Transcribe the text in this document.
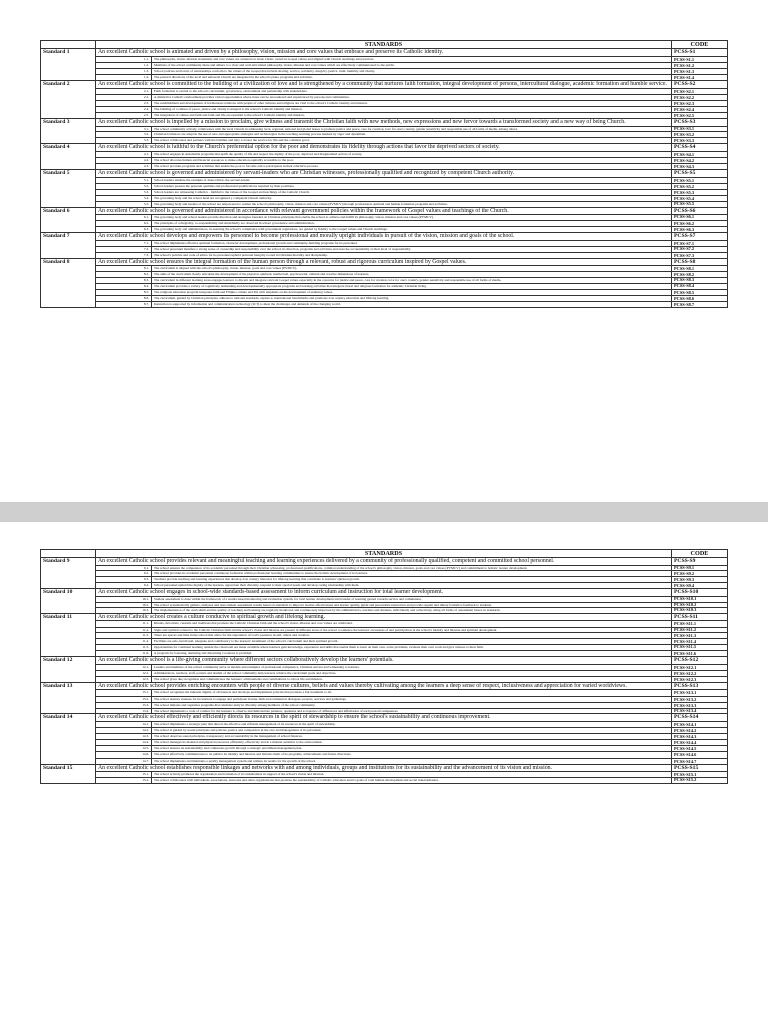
	STANDARDS		CODE
Standard 1	An excellent Catholic school is animated and driven by a philosophy, vision, mission and core values that embrace and preserve its Catholic identity.		PCSS-S1
	1.1.	The philosophy, vision, mission statements and core values are centered on Jesus Christ, rooted in Gospel values and aligned with Church teachings and practices.	PCSS-S1.1
	1.2.	Members of the school community share and adhere to a clear and well-articulated philosophy, vision, mission and core values which are effectively communicated to the public.	PCSS-S1.2
	1.3.	School policies and levels of relationships conform to the values of the Gospel that include sharing, service, solidarity, integrity, justice, truth, humility and charity.	PCSS-S1.3
	1.4.	The pastoral directions of the local and universal Church are integrated in the school's plans, programs and activities.	PCSS-S1.4
Standard 2	An excellent Catholic school is committed to the building of a civilization of love and is strengthened by a community that nurtures faith formation, integral development of persons, intercultural dialogue, academic formation and humble service.		PCSS-S2
	2.1.	Faith formation is central to the school's curriculum, governance, environment and partnership with stakeholders.	PCSS-S2.1
	2.2.	A distinctive Catholic environment provides varied opportunities where Jesus can be encountered and experienced by persons and communities.	PCSS-S2.2
	2.3.	The establishment and development of harmonious relations with people of other cultures and religions are vital to the school's Catholic identity and mission.	PCSS-S2.3
	2.4.	The building of a culture of peace, justice and charity is integral to the school's Catholic identity and mission.	PCSS-S2.4
	2.5.	The integration of culture and faith and faith and life are essential to the school's Catholic identity and mission.	PCSS-S2.5
Standard 3	An excellent Catholic school is impelled by a mission to proclaim, give witness and transmit the Christian faith with new methods, new expressions and new fervor towards a transformed society and a new way of being Church.		PCSS-S3
	3.1.	The school community actively collaborates with the local Church in addressing local, regional, national and global issues to promote justice and peace, care for creation, love for one's country, gender sensitivity and responsible use of all forms of media, among others.	PCSS-S3.1
	3.2.	Christian formators are adept in the use of new and appropriate strategies and technologies in the teaching-learning process marked by vigor and dynamism.	PCSS-S3.2
	3.3.	The school collaborates and partners with the families and laity to foster the service for life and the common good.	PCSS-S3.3
Standard 4	An excellent Catholic school is faithful to the Church's preferential option for the poor and demonstrates its fidelity through actions that favor the deprived sectors of society.		PCSS-S4
	4.1.	The school engages in sustainable programs that uplift the quality of life and respect the dignity of the poor, deprived and marginalized sectors of society.	PCSS-S4.1
	4.2.	The school allocates human and financial resources to make education equitably accessible to the poor.	PCSS-S4.2
	4.3.	The school provides programs and activities that enable the poor to become active participants in their educative process.	PCSS-S4.3
Standard 5	An excellent Catholic school is governed and administered by servant-leaders who are Christian witnesses, professionally qualified and recognized by competent Church authority.		PCSS-S5
	5.1.	School leaders emulate the example of Jesus Christ, the servant-leader.	PCSS-S5.1
	5.2.	School leaders possess the personal qualities and professional qualifications required by their positions.	PCSS-S5.2
	5.3.	School leaders are witnessing Catholics - faithful to the values of the Gospel and teachings of the Catholic Church.	PCSS-S5.3
	5.4.	The governing body and the school head are recognized y competent Church authority.	PCSS-S5.4
	5.5.	The governing body and leaders of the school are empowered to realize the school's philosophy, vision, mission and core values (PVMCV) through professional, spiritual and human formation programs and activities.	PCSS-S5.5
Standard 6	An excellent Catholic school is governed and administered in accordance with relevant government policies within the framework of Gospel values and teachings of the Church.		PCSS-S6
	6.1.	The governing body and school leaders provide direction and strategies founded on Christian principles that enable the school to achieve and fulfill its philosophy, vision, mission and core values (PVMCV).	PCSS-S6.1
	6.2.	The principles of collegiality, co-responsibility and subsidiarity are observed in school governance and administration.	PCSS-S6.2
	6.3.	The governing body and administrators, in ensuring the school's compliance with government regulations, are guided by fidelity to the Gospel values and Church teachings.	PCSS-S6.3
Standard 7	An excellent Catholic school develops and empowers its personnel to become professional and morally upright individuals in pursuit of the vision, mission and goals of the school.		PCSS-S7
	7.1.	The school implements effective spiritual formation, character development, professional growth and community-building programs for its personnel.	PCSS-S7.1
	7.2.	The school personnel manifest a strong sense of ownership and responsibility over the school, its direction, programs and activities and exercise accountability at their level of responsibility.	PCSS-S7.2
	7.3.	The school's policies and code of ethics for its personnel uphold personal integrity rooted in Christian morality and discipleship.	PCSS-S7.3
Standard 8	An excellent Catholic school ensures the integral formation of the human person through a relevant, robust and rigorous curriculum inspired by Gospel values.		PCSS-S8
	8.1.	The curriculum is aligned with the school's philosophy, vision, mission, goals and core values (PVMCV).	PCSS-S8.1
	8.2.	The aims of the curriculum clearly articulate the development of the physical, spiritual, intellectual, psychosocial, cultural and creative dimensions of learners.	PCSS-S8.2
	8.3.	The curriculum in different learning areas engages learners to discern and integrate relevant Gospel values especially in the concerns for justice and peace, care for creation, love for one's country, gender sensitivity and responsible use of all forms of media.	PCSS-S8.3
	8.4.	The curriculum provides a variety of cognitively demanding and developmentally appropriate programs and learning activities that integrate moral and religious formation for authentic Christian living.	PCSS-S8.4
	8.5.	The religious education program integrates faith and Filipino culture and life with emphasis on the development of enduring values.	PCSS-S8.5
	8.6.	The curriculum, guided by Christian principles, adheres to national standards, aspires to international benchmarks and promotes 21st century education and lifelong learning.	PCSS-S8.6
	8.7.	Instruction is supported by information and communication technology (ICT) to meet the challenges and demands of the changing world.	PCSS-S8.7
	STANDARDS		CODE
Standard 9	An excellent Catholic school provides relevant and meaningful teaching and learning experiences delivered by a community of professionally qualified, competent and committed school personnel.		PCSS-S9
	9.1.	The school ensures the competence of its academic personnel through their Christian witnessing, professional qualifications, common understanding of the school's philosophy, vision, mission, goals and core values (PVMCV) and commitment to holistic learner development.	PCSS-S9.1
	9.2.	The school provides its academic personnel continuous formation within professional learning communities to ensure the holistic development of its learners.	PCSS-S9.2
	9.3.	Teachers provide teaching and learning experiences that develop 21st century literacies for lifelong learning that contribute to learners' spiritual growth.	PCSS-S9.3
	9.4.	School personnel uphold the dignity of the learners, appreciate their diversity, respond to their special needs and develop caring relationship with them.	PCSS-S9.4
Standard 10	An excellent Catholic school engages in school-wide standards-based assessment to inform curriculum and instruction for total learner development.		PCSS-S10
	10.1.	Student assessment is done within the framework of a results-based monitoring and evaluation system, for total learner development and transfer of learning geared towards service and communion.	PCSS-S10.1
	10.2.	The school systematically gathers, analyzes and uses student assessment results based on standards to improve teacher effectiveness and learner quality, guide and personalize instruction and provide regular and timely formative feedback to students.	PCSS-S10.2
	10.3.	The implementation of the curriculum and the quality of teaching and learning are regularly monitored and continuously improved by the administrators, teachers and students, individually and collectively, using all forms of assessment based on standards.	PCSS-S10.3
Standard 11	An excellent Catholic school creates a culture conducive to spiritual growth and lifelong learning.		PCSS-S11
	11.1.	Rituals, devotions, customs and traditions that promote the Catholic Christian faith and the school's vision, mission and core values are celebrated.	PCSS-S11.1
	11.2.	Signs and symbols related to the Catholic Christian faith and the school's vision and mission are present in different areas of the school to enhance the learners' awareness of and participation in the school's identity and mission and spiritual development.	PCSS-S11.2
	11.3.	There are spaces and time in the school that allow for the experience of God's presence in self, others and creation.	PCSS-S11.3
	11.4.	Facilities are safe, functional, adequate and contributory to the learners' attainment of the school's curriculum and their spiritual growth.	PCSS-S11.4
	11.5.	Opportunities for continual learning outside the classroom are made available where learners gain knowledge, experience and skills that enable them to learn on their own, solve problems, evaluate their own work and give witness to their faith.	PCSS-S11.5
	11.6.	A program for fostering, nurturing and discerning vocations is provided.	PCSS-S11.6
Standard 12	An excellent Catholic school is a life-giving community where different sectors collaboratively develop the learners' potentials.		PCSS-S12
	12.1.	Leaders and members of the school community serve as models and examples of professional competence, Christian service and witnessing to learners.	PCSS-S12.1
	12.2.	Administrators, teachers, staff, parents and alumni of the school community help learners achieve the curriculum goals and objectives.	PCSS-S12.2
	12.3.	The school gives due recognition and communicates the learners' achievements and contributions to school life and mission.	PCSS-S12.3
Standard 13	An excellent Catholic school provides enriching encounters with people of diverse cultures, beliefs and values thereby cultivating among the learners a deep sense of respect, inclusiveness and appreciation for varied worldviews.		PCSS-S13
	13.1.	The school recognizes the inherent dignity of all learners and develops and implements policies that promote a fair treatment to all.	PCSS-S13.1
	13.2.	The school ensures avenues for its learners to engage and participate in inter-faith and ecumenical dialogues, prayers, services and gatherings.	PCSS-S13.2
	13.3.	The school initiates and organizes programs that celebrate unity in diversity among members of the school community.	PCSS-S13.3
	13.4.	The school implements a code of conduct for the learners to observe and demonstrate patience, openness and acceptance of differences and affirmation of each person's uniqueness.	PCSS-S13.4
Standard 14	An excellent Catholic school effectively and efficiently directs its resources in the spirit of stewardship to ensure the school's sustainability and continuous improvement.		PCSS-S14
	14.1.	The school implements a strategic plan that directs the effective and efficient management of its resources in the spirit of stewardship.	PCSS-S14.1
	14.2.	The school is guided by sound principles and policies, justice and compassion in the care and management of its personnel.	PCSS-S14.2
	14.3.	The school observes sound principles, transparency and accountability in the management of school finances.	PCSS-S14.3
	14.4.	The school manages its material and physical resources efficiently, effectively and in a manner sensitive to the environment.	PCSS-S14.4
	14.5.	The school ensures its sustainability and continuous growth through a strategic enrollment management plan.	PCSS-S14.5
	14.6.	The school effectively communicates to its publics its identity and mission and informs them of its programs, achievements and future directions.	PCSS-S14.6
	14.7.	The school implements and maintains a quality management system and utilizes its results for the growth of the school.	PCSS-S14.7
Standard 15	An excellent Catholic school establishes responsible linkages and networks with and among individuals, groups and institutions for its sustainability and the advancement of its vision and mission.		PCSS-S15
	15.1.	The school actively promotes the organization and formation of its stakeholders in support of the school's vision and mission.	PCSS-S15.1
	15.2.	The school collaborates with individuals, associations, networks and other organizations that promote the sustainability of Catholic education and its goals of total human development and social transformation.	PCSS-S15.2
